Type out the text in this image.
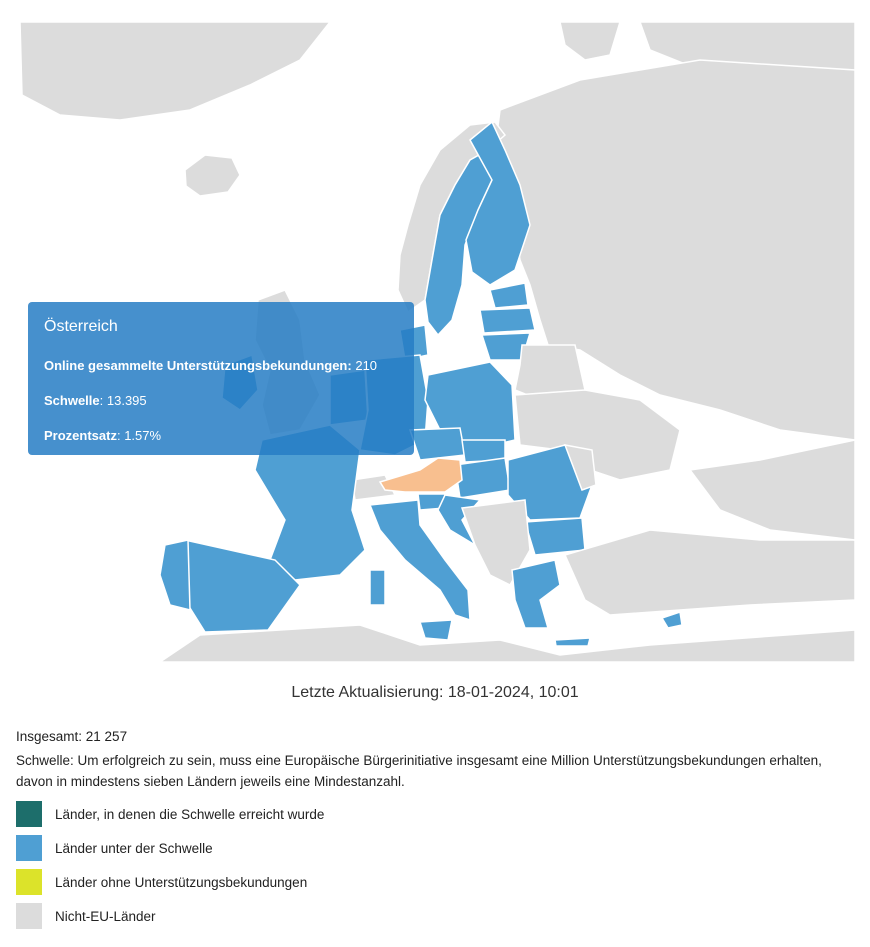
Österreich
Online gesammelte Unterstützungsbekundungen: 210
Schwelle: 13.395
Prozentsatz: 1.57%
Letzte Aktualisierung: 18-01-2024, 10:01

Insgesamt: 21 257

Schwelle: Um erfolgreich zu sein, muss eine Europäische Bürgerinitiative insgesamt eine Million Unterstützungsbekundungen erhalten, davon in mindestens sieben Ländern jeweils eine Mindestanzahl.

Länder, in denen die Schwelle erreicht wurde
Länder unter der Schwelle
Länder ohne Unterstützungsbekundungen
Nicht-EU-Länder
